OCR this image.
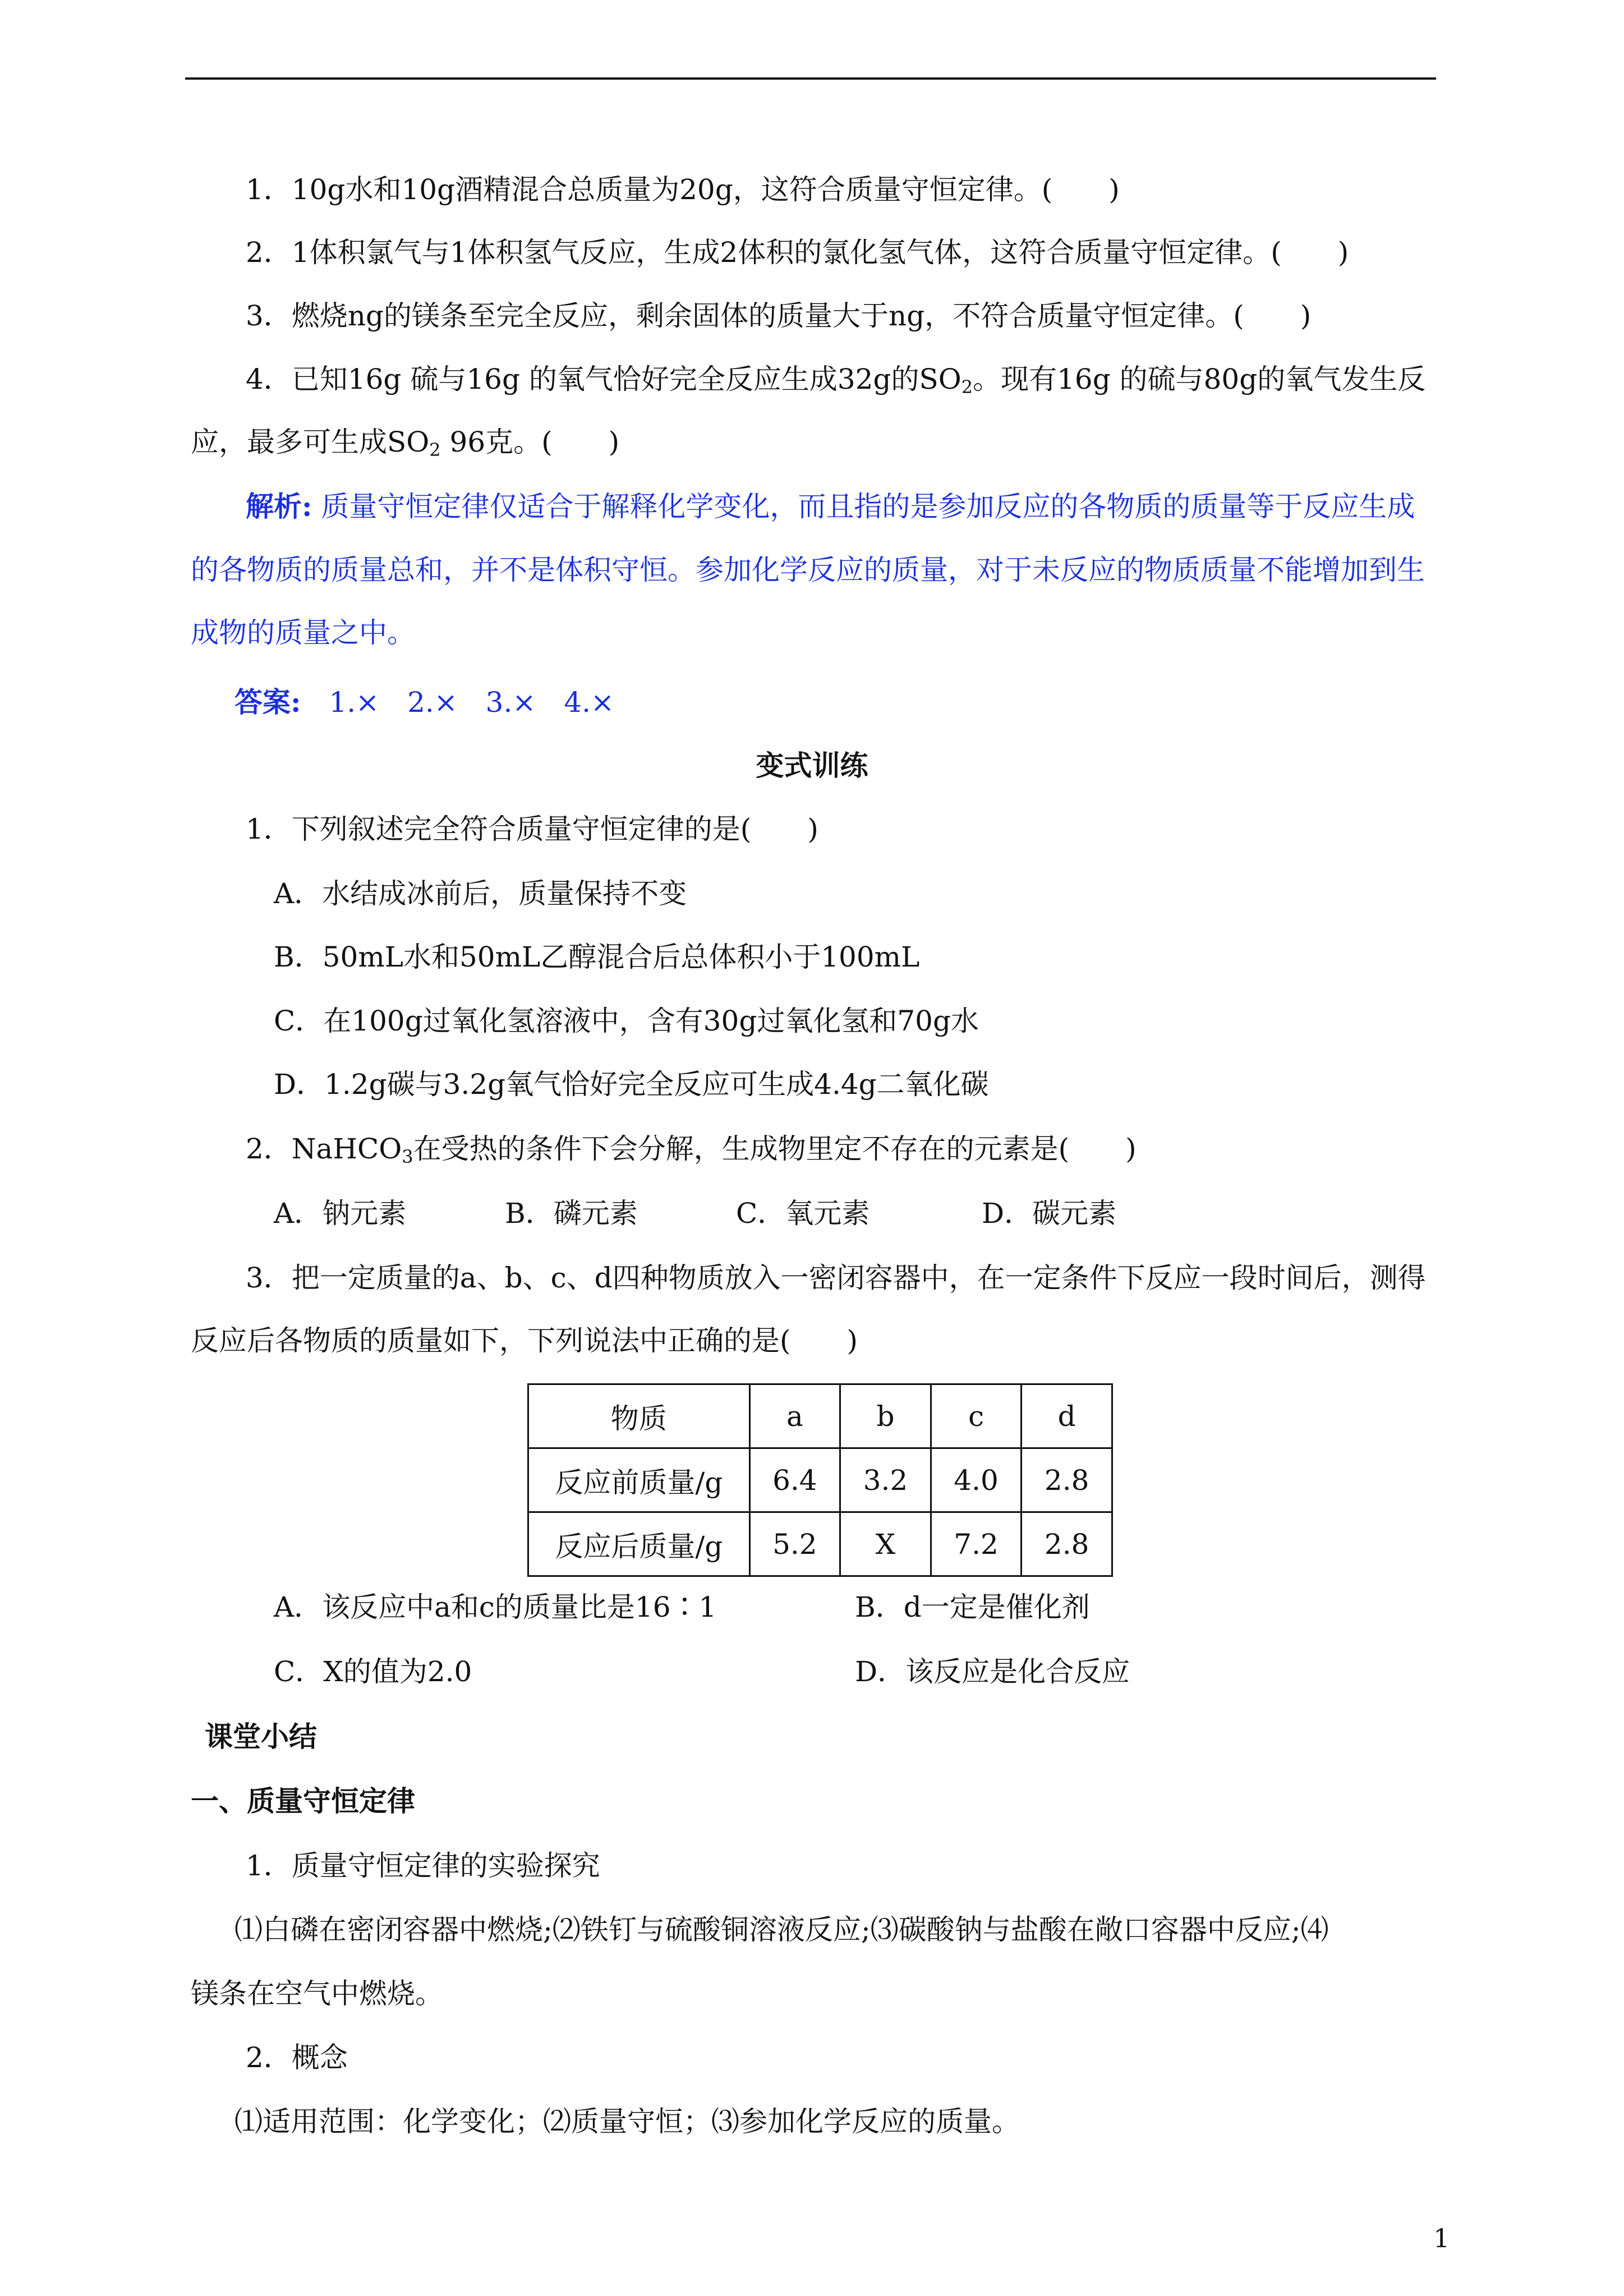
1．10g水和10g酒精混合总质量为20g，这符合质量守恒定律。(　　)
2．1体积氯气与1体积氢气反应，生成2体积的氯化氢气体，这符合质量守恒定律。(　　)
3．燃烧ng的镁条至完全反应，剩余固体的质量大于ng，不符合质量守恒定律。(　　)
4．已知16g 硫与16g 的氧气恰好完全反应生成32g的$SO_2$。现有16g 的硫与80g的氧气发生反
应，最多可生成$SO_2$ 96克。(　　)
解析: 质量守恒定律仅适合于解释化学变化，而且指的是参加反应的各物质的质量等于反应生成
的各物质的质量总和，并不是体积守恒。参加化学反应的质量，对于未反应的物质质量不能增加到生
成物的质量之中。
答案:　1.×　2.×　3.×　4.×
变式训练
1．下列叙述完全符合质量守恒定律的是(　　)
A．水结成冰前后，质量保持不变
B．50mL水和50mL乙醇混合后总体积小于100mL
C．在100g过氧化氢溶液中，含有30g过氧化氢和70g水
D．1.2g碳与3.2g氧气恰好完全反应可生成4.4g二氧化碳
2．NaHCO$_3$在受热的条件下会分解，生成物里定不存在的元素是(　　)
A．钠元素	B．磷元素	C．氧元素	D．碳元素
3．把一定质量的a、b、c、d四种物质放入一密闭容器中，在一定条件下反应一段时间后，测得
反应后各物质的质量如下，下列说法中正确的是(　　)
物质	a	b	c	d
反应前质量/g	6.4	3.2	4.0	2.8
反应后质量/g	5.2	X	7.2	2.8
A．该反应中a和c的质量比是16∶1	B．d一定是催化剂
C．X的值为2.0	D．该反应是化合反应
课堂小结
一、质量守恒定律
1．质量守恒定律的实验探究
⑴白磷在密闭容器中燃烧;⑵铁钉与硫酸铜溶液反应;⑶碳酸钠与盐酸在敞口容器中反应;⑷
镁条在空气中燃烧。
2．概念
⑴适用范围：化学变化；⑵质量守恒；⑶参加化学反应的质量。
1
